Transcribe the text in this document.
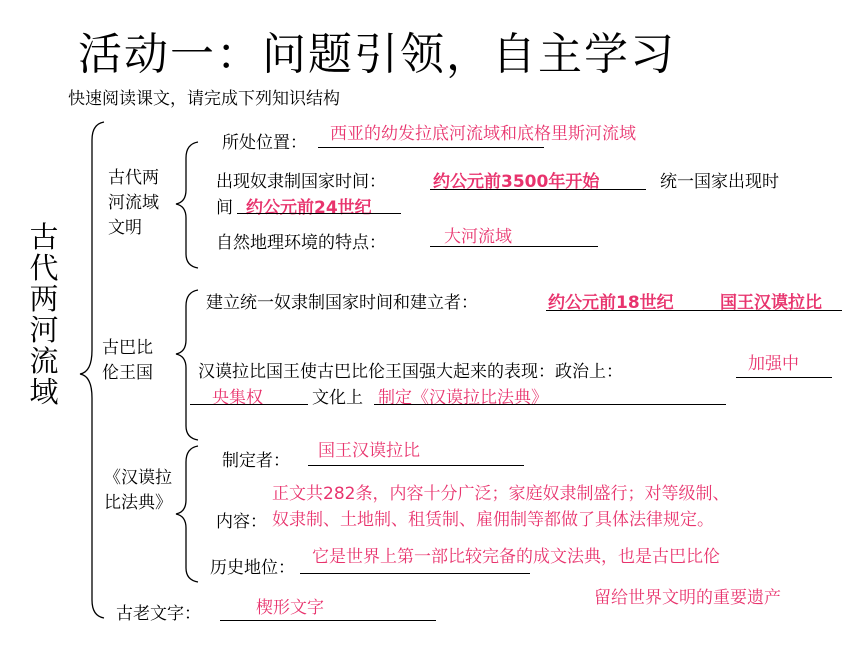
活动一：问题引领，自主学习
快速阅读课文，请完成下列知识结构
古代两河流域
古代两河流域文明
古巴比伦王国
《汉谟拉比法典》
所处位置： 西亚的幼发拉底河流域和底格里斯河流域
出现奴隶制国家时间：	约公元前3500年开始	统一国家出现时
间 约公元前24世纪
自然地理环境的特点：	大河流域
建立统一奴隶制国家时间和建立者：	约公元前18世纪	国王汉谟拉比
汉谟拉比国王使古巴比伦王国强大起来的表现：政治上：	加强中
央集权	文化上 制定《汉谟拉比法典》
制定者： 国王汉谟拉比
正文共282条，内容十分广泛；家庭奴隶制盛行；对等级制、
内容： 奴隶制、土地制、租赁制、雇佣制等都做了具体法律规定。
历史地位：
它是世界上第一部比较完备的成文法典，也是古巴比伦
留给世界文明的重要遗产
古老文字：	楔形文字
